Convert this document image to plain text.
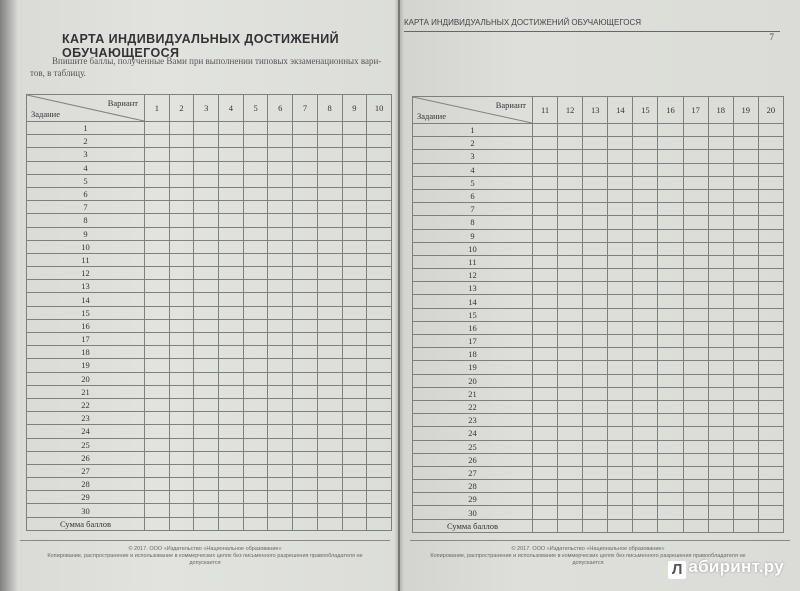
КАРТА ИНДИВИДУАЛЬНЫХ ДОСТИЖЕНИЙ ОБУЧАЮЩЕГОСЯ
Впишите баллы, полученные Вами при выполнении типовых экзаменационных вари-
тов, в таблицу.
Вариант
Задание	1	2	3	4	5	6	7	8	9	10
1										
2										
3										
4										
5										
6										
7										
8										
9										
10										
11										
12										
13										
14										
15										
16										
17										
18										
19										
20										
21										
22										
23										
24										
25										
26										
27										
28										
29										
30										
Сумма баллов										
© 2017. ООО «Издательство «Национальное образование»
Копирование, распространение и использование в коммерческих целях без письменного разрешения правообладателя не допускается
КАРТА ИНДИВИДУАЛЬНЫХ ДОСТИЖЕНИЙ ОБУЧАЮЩЕГОСЯ
7
Вариант
Задание	11	12	13	14	15	16	17	18	19	20
1										
2										
3										
4										
5										
6										
7										
8										
9										
10										
11										
12										
13										
14										
15										
16										
17										
18										
19										
20										
21										
22										
23										
24										
25										
26										
27										
28										
29										
30										
Сумма баллов										
© 2017. ООО «Издательство «Национальное образование»
Копирование, распространение и использование в коммерческих целях без письменного разрешения правообладателя не допускается	Л абиринт.ру
